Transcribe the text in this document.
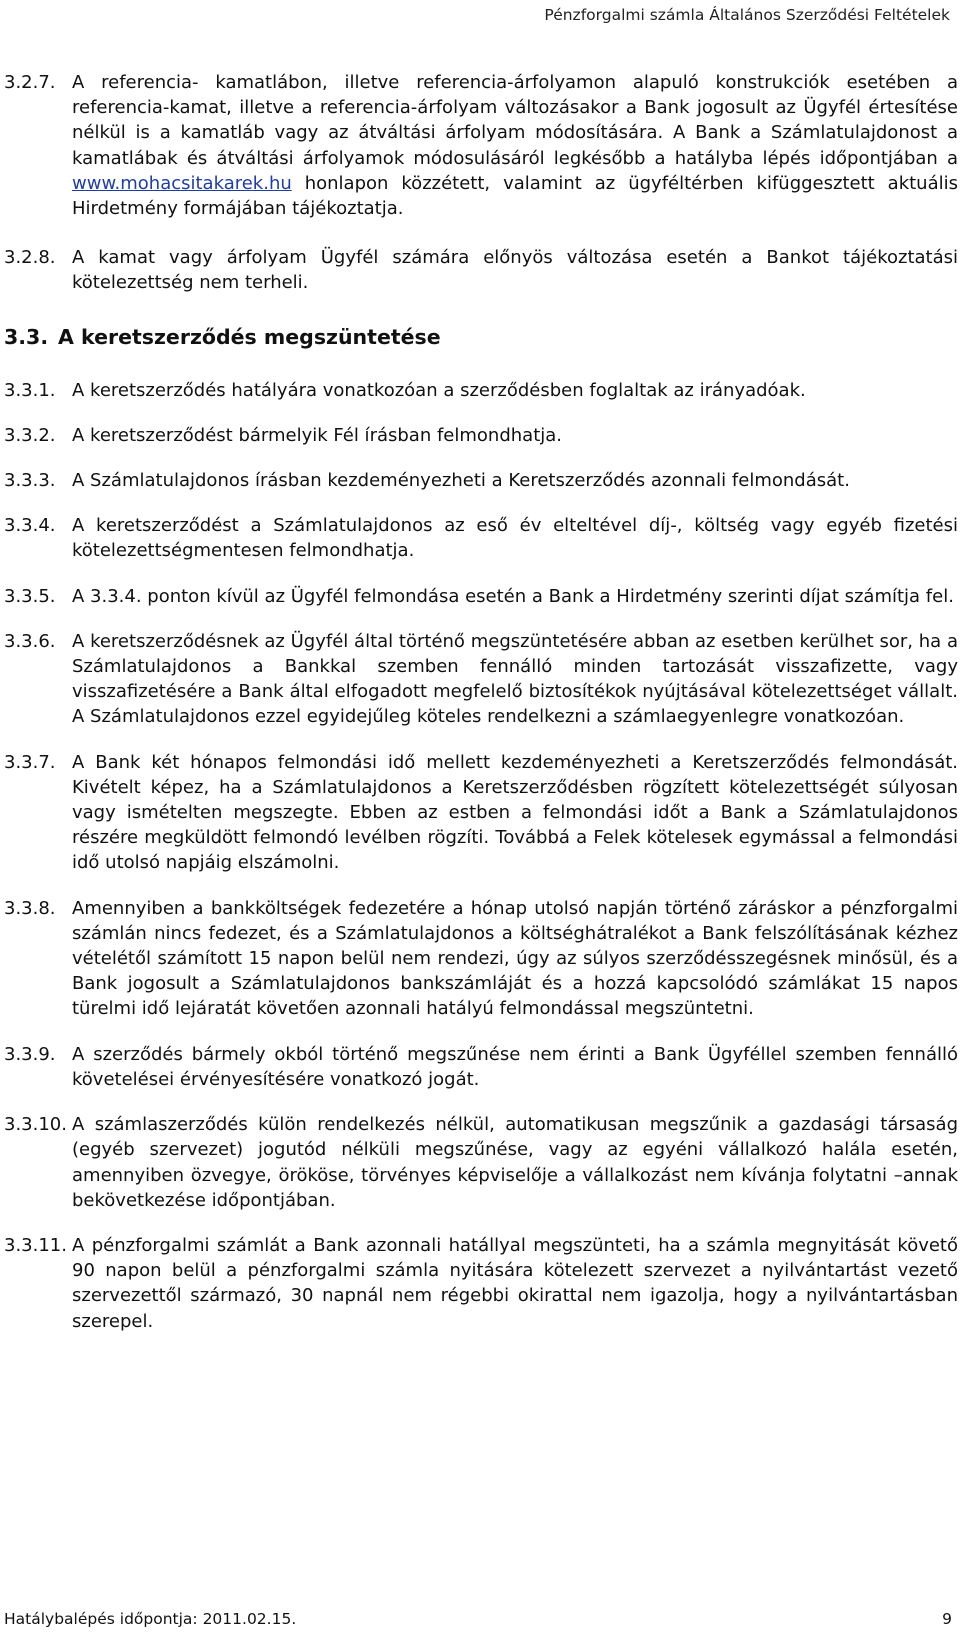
Pénzforgalmi számla Általános Szerződési Feltételek
3.2.7. A referencia- kamatlábon, illetve referencia-árfolyamon alapuló konstrukciók esetében a referencia-kamat, illetve a referencia-árfolyam változásakor a Bank jogosult az Ügyfél értesítése nélkül is a kamatláb vagy az átváltási árfolyam módosítására. A Bank a Számlatulajdonost a kamatlábak és átváltási árfolyamok módosulásáról legkésőbb a hatályba lépés időpontjában a www.mohacsitakarek.hu honlapon közzétett, valamint az ügyféltérben kifüggesztett aktuális Hirdetmény formájában tájékoztatja.
3.2.8. A kamat vagy árfolyam Ügyfél számára előnyös változása esetén a Bankot tájékoztatási kötelezettség nem terheli.
3.3. A keretszerződés megszüntetése
3.3.1. A keretszerződés hatályára vonatkozóan a szerződésben foglaltak az irányadóak.
3.3.2. A keretszerződést bármelyik Fél írásban felmondhatja.
3.3.3. A Számlatulajdonos írásban kezdeményezheti a Keretszerződés azonnali felmondását.
3.3.4. A keretszerződést a Számlatulajdonos az eső év elteltével díj-, költség vagy egyéb fizetési kötelezettségmentesen felmondhatja.
3.3.5. A 3.3.4. ponton kívül az Ügyfél felmondása esetén a Bank a Hirdetmény szerinti díjat számítja fel.
3.3.6. A keretszerződésnek az Ügyfél által történő megszüntetésére abban az esetben kerülhet sor, ha a Számlatulajdonos a Bankkal szemben fennálló minden tartozását visszafizette, vagy visszafizetésére a Bank által elfogadott megfelelő biztosítékok nyújtásával kötelezettséget vállalt. A Számlatulajdonos ezzel egyidejűleg köteles rendelkezni a számlaegyenlegre vonatkozóan.
3.3.7. A Bank két hónapos felmondási idő mellett kezdeményezheti a Keretszerződés felmondását. Kivételt képez, ha a Számlatulajdonos a Keretszerződésben rögzített kötelezettségét súlyosan vagy ismételten megszegte. Ebben az estben a felmondási időt a Bank a Számlatulajdonos részére megküldött felmondó levélben rögzíti. Továbbá a Felek kötelesek egymással a felmondási idő utolsó napjáig elszámolni.
3.3.8. Amennyiben a bankköltségek fedezetére a hónap utolsó napján történő záráskor a pénzforgalmi számlán nincs fedezet, és a Számlatulajdonos a költséghátralékot a Bank felszólításának kézhez vételétől számított 15 napon belül nem rendezi, úgy az súlyos szerződésszegésnek minősül, és a Bank jogosult a Számlatulajdonos bankszámláját és a hozzá kapcsolódó számlákat 15 napos türelmi idő lejáratát követően azonnali hatályú felmondással megszüntetni.
3.3.9. A szerződés bármely okból történő megszűnése nem érinti a Bank Ügyféllel szemben fennálló követelései érvényesítésére vonatkozó jogát.
3.3.10. A számlaszerződés külön rendelkezés nélkül, automatikusan megszűnik a gazdasági társaság (egyéb szervezet) jogutód nélküli megszűnése, vagy az egyéni vállalkozó halála esetén, amennyiben özvegye, örököse, törvényes képviselője a vállalkozást nem kívánja folytatni –annak bekövetkezése időpontjában.
3.3.11. A pénzforgalmi számlát a Bank azonnali hatállyal megszünteti, ha a számla megnyitását követő 90 napon belül a pénzforgalmi számla nyitására kötelezett szervezet a nyilvántartást vezető szervezettől származó, 30 napnál nem régebbi okirattal nem igazolja, hogy a nyilvántartásban szerepel.
Hatálybalépés időpontja: 2011.02.15.	9
